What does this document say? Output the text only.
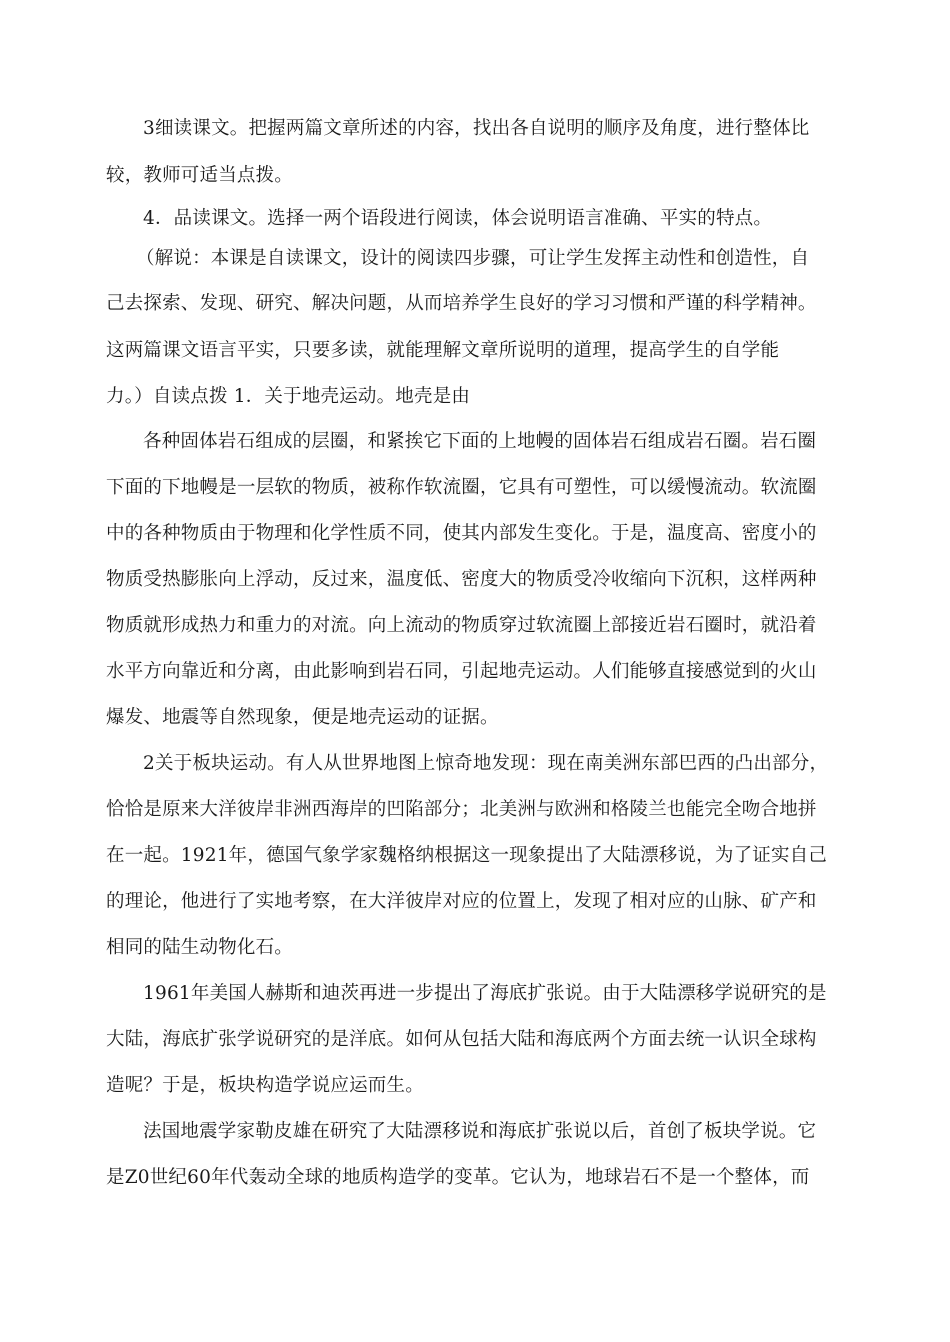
3细读课文。把握两篇文章所述的内容，找出各自说明的顺序及角度，进行整体比
较，教师可适当点拨。
4．品读课文。选择一两个语段进行阅读，体会说明语言准确、平实的特点。
（解说：本课是自读课文，设计的阅读四步骤，可让学生发挥主动性和创造性，自
己去探索、发现、研究、解决问题，从而培养学生良好的学习习惯和严谨的科学精神。
这两篇课文语言平实，只要多读，就能理解文章所说明的道理，提高学生的自学能
力。）自读点拨 1．关于地壳运动。地壳是由
各种固体岩石组成的层圈，和紧挨它下面的上地幔的固体岩石组成岩石圈。岩石圈
下面的下地幔是一层软的物质，被称作软流圈，它具有可塑性，可以缓慢流动。软流圈
中的各种物质由于物理和化学性质不同，使其内部发生变化。于是，温度高、密度小的
物质受热膨胀向上浮动，反过来，温度低、密度大的物质受冷收缩向下沉积，这样两种
物质就形成热力和重力的对流。向上流动的物质穿过软流圈上部接近岩石圈时，就沿着
水平方向靠近和分离，由此影响到岩石同，引起地壳运动。人们能够直接感觉到的火山
爆发、地震等自然现象，便是地壳运动的证据。
2关于板块运动。有人从世界地图上惊奇地发现：现在南美洲东部巴西的凸出部分，
恰恰是原来大洋彼岸非洲西海岸的凹陷部分；北美洲与欧洲和格陵兰也能完全吻合地拼
在一起。1921年，德国气象学家魏格纳根据这一现象提出了大陆漂移说，为了证实自己
的理论，他进行了实地考察，在大洋彼岸对应的位置上，发现了相对应的山脉、矿产和
相同的陆生动物化石。
1961年美国人赫斯和迪茨再进一步提出了海底扩张说。由于大陆漂移学说研究的是
大陆，海底扩张学说研究的是洋底。如何从包括大陆和海底两个方面去统一认识全球构
造呢？于是，板块构造学说应运而生。
法国地震学家勒皮雄在研究了大陆漂移说和海底扩张说以后，首创了板块学说。它
是Z0世纪60年代轰动全球的地质构造学的变革。它认为，地球岩石不是一个整体，而
